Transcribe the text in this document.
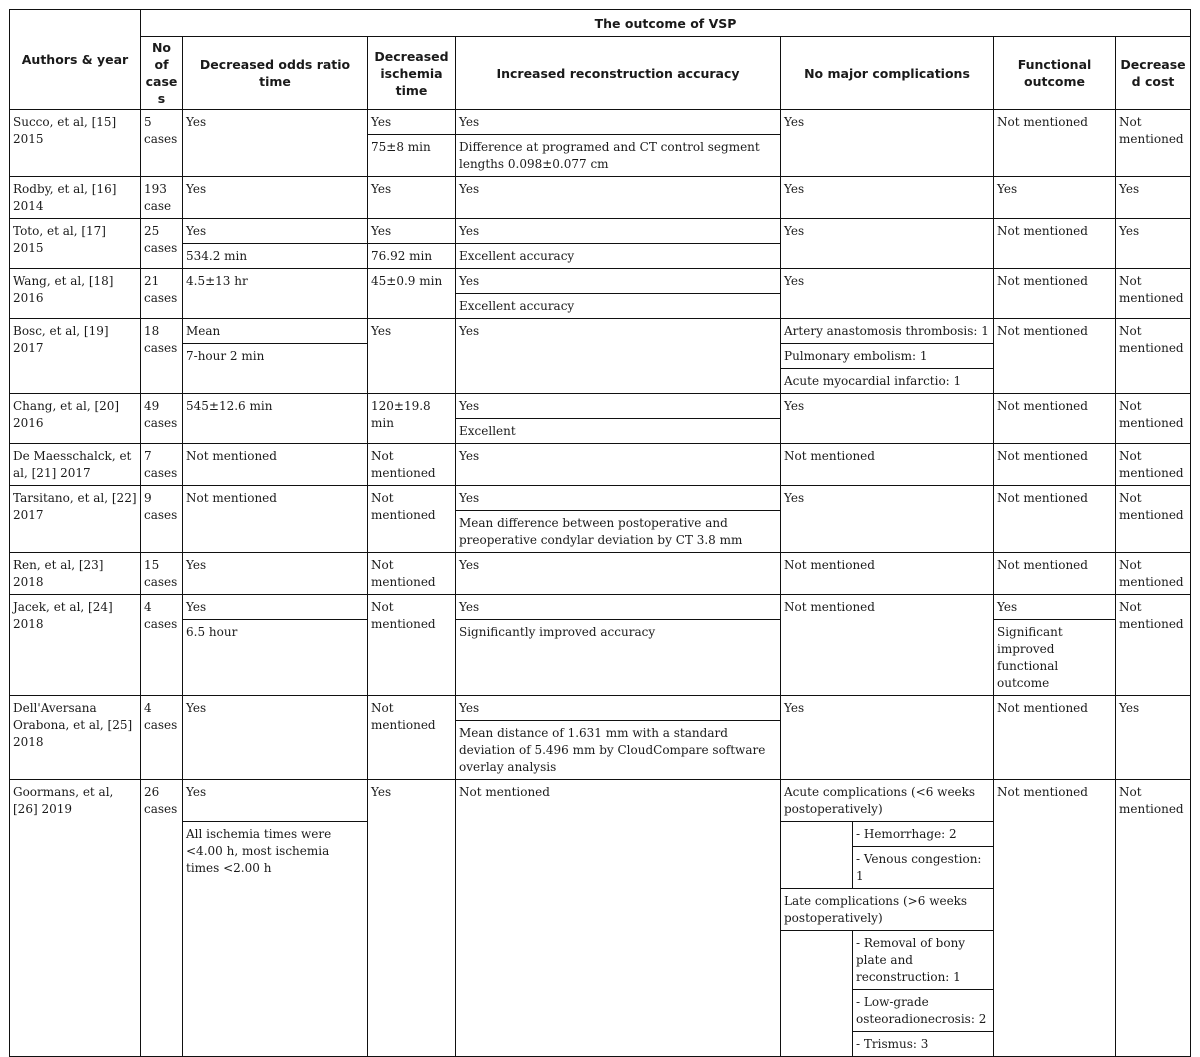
Authors & year	The outcome of VSP							
	No of cases	Decreased odds ratio time	Decreased ischemia time	Increased reconstruction accuracy	No major complications		Functional outcome	Decreased cost
Succo, et al, [15] 2015	5 cases	Yes	Yes	Yes	Yes		Not mentioned	Not mentioned
			75±8 min	Difference at programed and CT control segment lengths 0.098±0.077 cm				
Rodby, et al, [16] 2014	193 case	Yes	Yes	Yes	Yes		Yes	Yes
Toto, et al, [17] 2015	25 cases	Yes	Yes	Yes	Yes		Not mentioned	Yes
		534.2 min	76.92 min	Excellent accuracy				
Wang, et al, [18] 2016	21 cases	4.5±13 hr	45±0.9 min	Yes	Yes		Not mentioned	Not mentioned
				Excellent accuracy				
Bosc, et al, [19] 2017	18 cases	Mean	Yes	Yes	Artery anastomosis thrombosis: 1		Not mentioned	Not mentioned
		7-hour 2 min			Pulmonary embolism: 1			
					Acute myocardial infarctio: 1			
Chang, et al, [20] 2016	49 cases	545±12.6 min	120±19.8 min	Yes	Yes		Not mentioned	Not mentioned
				Excellent				
De Maesschalck, et al, [21] 2017	7 cases	Not mentioned	Not mentioned	Yes	Not mentioned		Not mentioned	Not mentioned
Tarsitano, et al, [22] 2017	9 cases	Not mentioned	Not mentioned	Yes	Yes		Not mentioned	Not mentioned
				Mean difference between postoperative and preoperative condylar deviation by CT 3.8 mm				
Ren, et al, [23] 2018	15 cases	Yes	Not mentioned	Yes	Not mentioned		Not mentioned	Not mentioned
Jacek, et al, [24] 2018	4 cases	Yes	Not mentioned	Yes	Not mentioned		Yes	Not mentioned
		6.5 hour		Significantly improved accuracy			Significant improved functional outcome	
Dell'Aversana Orabona, et al, [25] 2018	4 cases	Yes	Not mentioned	Yes	Yes		Not mentioned	Yes
				Mean distance of 1.631 mm with a standard deviation of 5.496 mm by CloudCompare software overlay analysis				
Goormans, et al, [26] 2019	26 cases	Yes	Yes	Not mentioned	Acute complications (<6 weeks postoperatively)		Not mentioned	Not mentioned
		All ischemia times were <4.00 h, most ischemia times <2.00 h				- Hemorrhage: 2		
						- Venous congestion: 1		
					Late complications (>6 weeks postoperatively)			
						- Removal of bony plate and reconstruction: 1		
						- Low-grade osteoradionecrosis: 2		
						- Trismus: 3		
